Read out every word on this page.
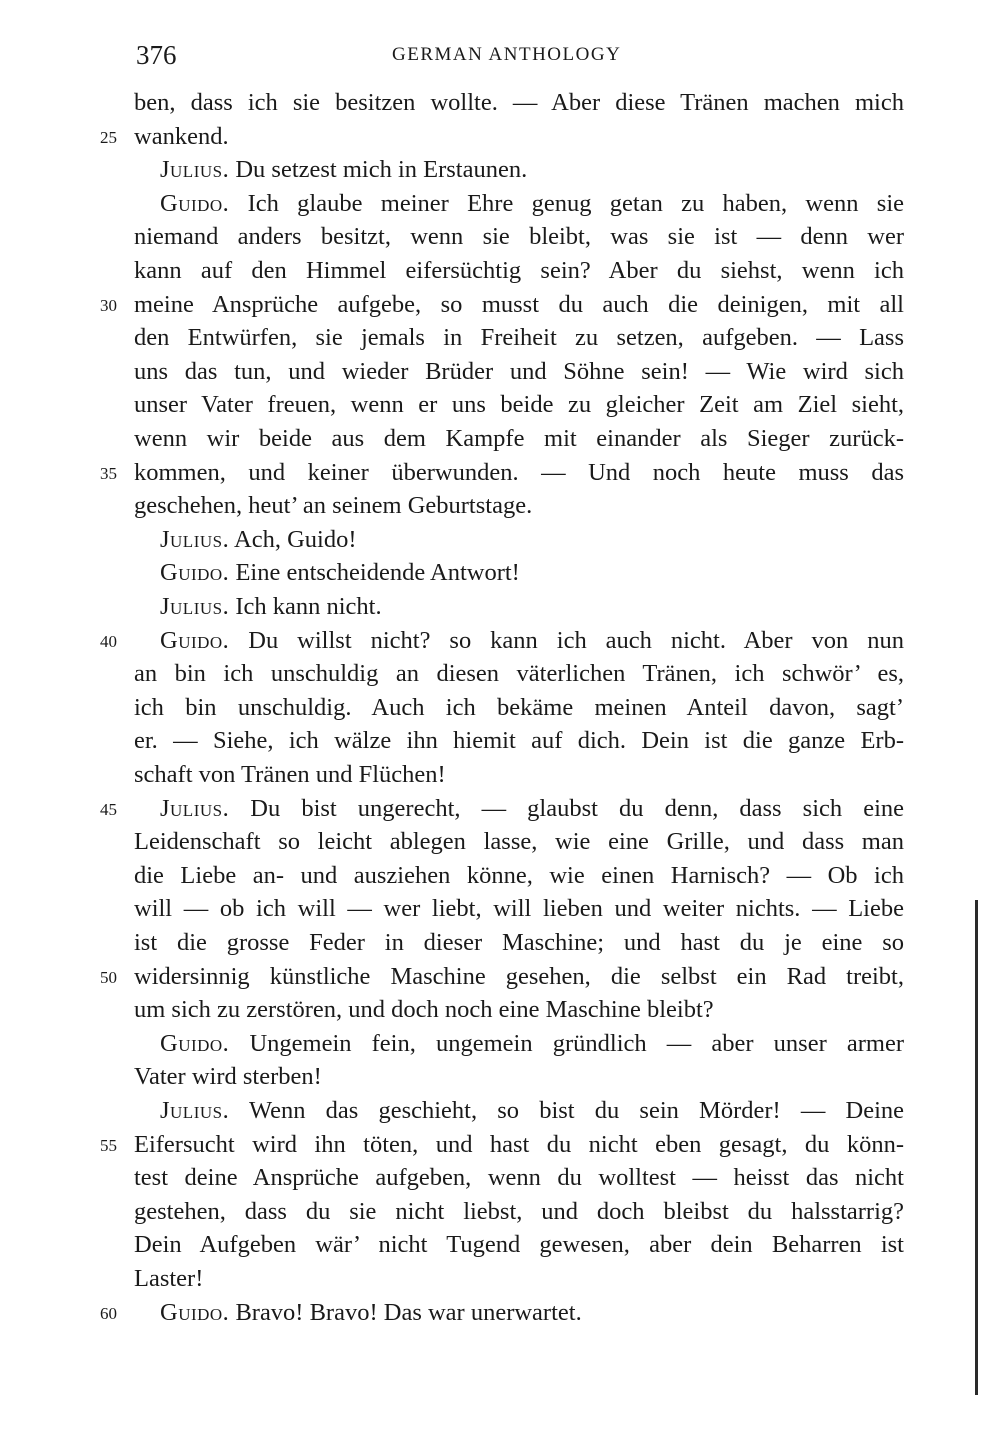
376	GERMAN ANTHOLOGY
ben, dass ich sie besitzen wollte. — Aber diese Tränen machen mich
25 wankend.
Julius. Du setzest mich in Erstaunen.
Guido. Ich glaube meiner Ehre genug getan zu haben, wenn sie
niemand anders besitzt, wenn sie bleibt, was sie ist — denn wer
kann auf den Himmel eifersüchtig sein? Aber du siehst, wenn ich
30 meine Ansprüche aufgebe, so musst du auch die deinigen, mit all
den Entwürfen, sie jemals in Freiheit zu setzen, aufgeben. — Lass
uns das tun, und wieder Brüder und Söhne sein! — Wie wird sich
unser Vater freuen, wenn er uns beide zu gleicher Zeit am Ziel sieht,
wenn wir beide aus dem Kampfe mit einander als Sieger zurück-
35 kommen, und keiner überwunden. — Und noch heute muss das
geschehen, heut’ an seinem Geburtstage.
Julius. Ach, Guido!
Guido. Eine entscheidende Antwort!
Julius. Ich kann nicht.
40 Guido. Du willst nicht? so kann ich auch nicht. Aber von nun
an bin ich unschuldig an diesen väterlichen Tränen, ich schwör’ es,
ich bin unschuldig. Auch ich bekäme meinen Anteil davon, sagt’
er. — Siehe, ich wälze ihn hiemit auf dich. Dein ist die ganze Erb-
schaft von Tränen und Flüchen!
45 Julius. Du bist ungerecht, — glaubst du denn, dass sich eine
Leidenschaft so leicht ablegen lasse, wie eine Grille, und dass man
die Liebe an- und ausziehen könne, wie einen Harnisch? — Ob ich
will — ob ich will — wer liebt, will lieben und weiter nichts. — Liebe
ist die grosse Feder in dieser Maschine; und hast du je eine so
50 widersinnig künstliche Maschine gesehen, die selbst ein Rad treibt,
um sich zu zerstören, und doch noch eine Maschine bleibt?
Guido. Ungemein fein, ungemein gründlich — aber unser armer
Vater wird sterben!
Julius. Wenn das geschieht, so bist du sein Mörder! — Deine
55 Eifersucht wird ihn töten, und hast du nicht eben gesagt, du könn-
test deine Ansprüche aufgeben, wenn du wolltest — heisst das nicht
gestehen, dass du sie nicht liebst, und doch bleibst du halsstarrig?
Dein Aufgeben wär’ nicht Tugend gewesen, aber dein Beharren ist
Laster!
60 Guido. Bravo! Bravo! Das war unerwartet.
